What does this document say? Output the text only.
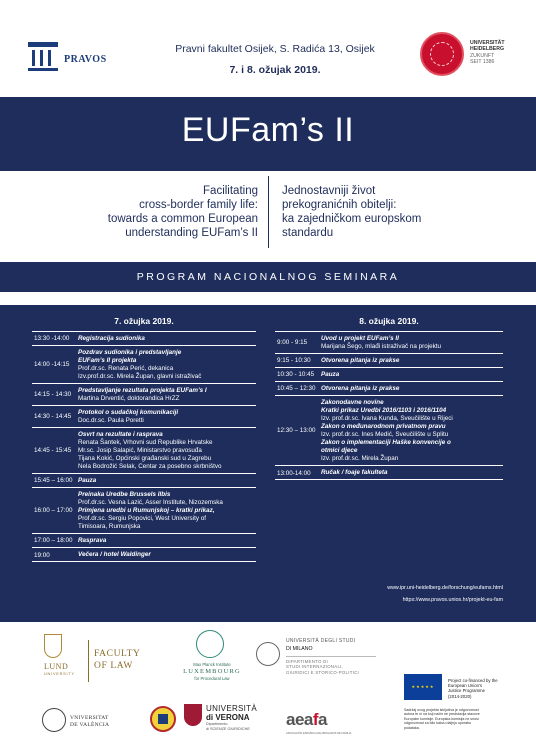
PRAVOS
Pravni fakultet Osijek, S. Radića 13, Osijek
7. i 8. ožujak 2019.
UNIVERSITÄT
HEIDELBERG
ZUKUNFT
SEIT 1386
EUFam’s II
Facilitating
cross-border family life:
towards a common European
understanding EUFam’s II
Jednostavniji život
prekogranićnih obitelji:
ka zajedničkom europskom
standardu
PROGRAM NACIONALNOG SEMINARA
7. ožujka 2019.
13:30 -14:00 Registracija sudionika
14:00 -14:15
Pozdrav sudionika i predstavljanje
EUFam’s II projekta
Prof.dr.sc. Renata Perić, dekanica
Izv.prof.dr.sc. Mirela Župan, glavni istraživač
14:15 - 14:30
Predstavljanje rezultata projekta EUFam’s I
Martina Drventić, doktorandica HrZZ
14:30 - 14:45
Protokol o sudačkoj komunikaciji
Doc.dr.sc. Paula Poretti
14:45 - 15:45
Osvrt na rezultate i rasprava
Renata Šantek, Vrhovni sud Republike Hrvatske
Mr.sc. Josip Salapić, Ministarstvo pravosuđa
Tijana Kokić, Općinski građanski sud u Zagrebu
Nela Bodrožić Selak, Centar za posebno skrbništvo
15:45 – 16:00 Pauza
16:00 – 17:00
Preinaka Uredbe Brussels IIbis
Prof.dr.sc. Vesna Lazić, Asser Institute, Nizozemska
Primjena uredbi u Rumunjskoj – kratki prikaz,
Prof.dr.sc. Sergiu Popovici, West University of
Timisoara, Rumunjska
17:00 – 18:00 Rasprava
19:00	Večera / hotel Waldinger
8. ožujka 2019.
9:00 - 9:15
Uvod u projekt EUFam’s II
Marijana Šego, mlađi istraživač na projektu
9:15 - 10:30 Otvorena pitanja iz prakse
10:30 - 10:45 Pauza
10:45 – 12:30 Otvorena pitanja iz prakse
12:30 – 13:00
Zakonodavne novine
Kratki prikaz Uredbi 2016/1103 i 2016/1104
Izv. prof.dr.sc. Ivana Kunda, Sveučilište u Rijeci
Zakon o međunarodnom privatnom pravu
Izv. prof.dr.sc. Ines Medić, Sveučilište u Splitu
Zakon o implementaciji Haške konvencije o
otmici djece
Izv. prof.dr.sc. Mirela Župan
13:00-14:00 Ručak / foaje fakulteta
www.ipr.uni-heidelberg.de/forschung/eufams.html
https://www.pravos.unios.hr/projekt-eu-fam
LUND
UNIVERSITY
FACULTY
OF LAW	Max Planck Institute
LUXEMBOURG
for Procedural Law
UNIVERSITÀ DEGLI STUDI
DI MILANO
DIPARTIMENTO DI
STUDI INTERNAZIONALI,
GIURIDICI E STORICO-POLITICI
★★★★★
Project co-financed by the
European Union's
Justice Programme
(2014-2020)
Sadržaj ovog projekta isključiva je odgovornost
autora te ni na koji način ne predstavlja stavove
Europske komisije. Europska komisija ne snosi
odgovornost za bilo kakvu daljnju uporabu
podataka.
VNIVERSITAT
DE VALÈNCIA
UNIVERSITÀ
di VERONA
Dipartimento
di SCIENZE GIURIDICHE	aeafa
ASOCIACIÓN ESPAÑOLA DE ABOGADOS DE FAMILIA
